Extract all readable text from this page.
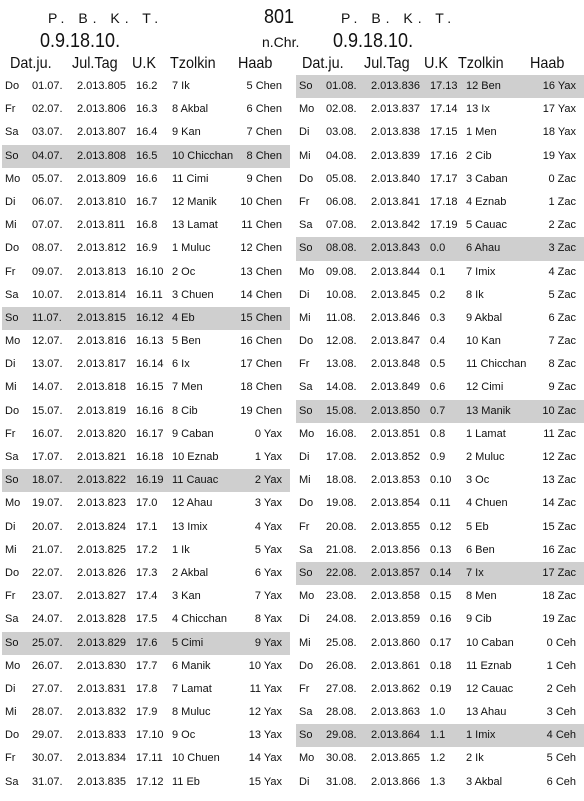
P. B. K. T.
0.9.18.10.
801
n.Chr.
P. B. K. T.
0.9.18.10.
Dat.ju. Jul.Tag U.K Tzolkin Haab Dat.ju. Jul.Tag U.K Tzolkin Haab
Do 01.07. 2.013.805 16.2 7 Ik	5 Chen
Fr 02.07. 2.013.806 16.3 8 Akbal	6 Chen
Sa 03.07. 2.013.807 16.4 9 Kan	7 Chen
So 04.07. 2.013.808 16.5 10 Chicchan 8 Chen
Mo 05.07. 2.013.809 16.6 11 Cimi	9 Chen
Di 06.07. 2.013.810 16.7 12 Manik 10 Chen
Mi 07.07. 2.013.811 16.8 13 Lamat 11 Chen
Do 08.07. 2.013.812 16.9 1 Muluc	12 Chen
Fr 09.07. 2.013.813 16.10 2 Oc	13 Chen
Sa 10.07. 2.013.814 16.11 3 Chuen 14 Chen
So 11.07. 2.013.815 16.12 4 Eb	15 Chen
Mo 12.07. 2.013.816 16.13 5 Ben	16 Chen
Di 13.07. 2.013.817 16.14 6 Ix	17 Chen
Mi 14.07. 2.013.818 16.15 7 Men	18 Chen
Do 15.07. 2.013.819 16.16 8 Cib	19 Chen
Fr 16.07. 2.013.820 16.17 9 Caban	0 Yax
Sa 17.07. 2.013.821 16.18 10 Eznab	1 Yax
So 18.07. 2.013.822 16.19 11 Cauac	2 Yax
Mo 19.07. 2.013.823 17.0 12 Ahau	3 Yax
Di 20.07. 2.013.824 17.1 13 Imix	4 Yax
Mi 21.07. 2.013.825 17.2 1 Ik	5 Yax
Do 22.07. 2.013.826 17.3 2 Akbal	6 Yax
Fr 23.07. 2.013.827 17.4 3 Kan	7 Yax
Sa 24.07. 2.013.828 17.5 4 Chicchan	8 Yax
So 25.07. 2.013.829 17.6 5 Cimi	9 Yax
Mo 26.07. 2.013.830 17.7 6 Manik	10 Yax
Di 27.07. 2.013.831 17.8 7 Lamat	11 Yax
Mi 28.07. 2.013.832 17.9 8 Muluc	12 Yax
Do 29.07. 2.013.833 17.10 9 Oc	13 Yax
Fr 30.07. 2.013.834 17.11 10 Chuen	14 Yax
Sa 31.07. 2.013.835 17.12 11 Eb	15 Yax
So 01.08. 2.013.836 17.13 12 Ben	16 Yax
Mo 02.08. 2.013.837 17.14 13 Ix	17 Yax
Di 03.08. 2.013.838 17.15 1 Men	18 Yax
Mi 04.08. 2.013.839 17.16 2 Cib	19 Yax
Do 05.08. 2.013.840 17.17 3 Caban	0 Zac
Fr 06.08. 2.013.841 17.18 4 Eznab	1 Zac
Sa 07.08. 2.013.842 17.19 5 Cauac	2 Zac
So 08.08. 2.013.843 0.0 6 Ahau	3 Zac
Mo 09.08. 2.013.844 0.1 7 Imix	4 Zac
Di 10.08. 2.013.845 0.2 8 Ik	5 Zac
Mi 11.08. 2.013.846 0.3 9 Akbal	6 Zac
Do 12.08. 2.013.847 0.4 10 Kan	7 Zac
Fr 13.08. 2.013.848 0.5 11 Chicchan 8 Zac
Sa 14.08. 2.013.849 0.6 12 Cimi	9 Zac
So 15.08. 2.013.850 0.7 13 Manik	10 Zac
Mo 16.08. 2.013.851 0.8 1 Lamat	11 Zac
Di 17.08. 2.013.852 0.9 2 Muluc	12 Zac
Mi 18.08. 2.013.853 0.10 3 Oc	13 Zac
Do 19.08. 2.013.854 0.11 4 Chuen	14 Zac
Fr 20.08. 2.013.855 0.12 5 Eb	15 Zac
Sa 21.08. 2.013.856 0.13 6 Ben	16 Zac
So 22.08. 2.013.857 0.14 7 Ix	17 Zac
Mo 23.08. 2.013.858 0.15 8 Men	18 Zac
Di 24.08. 2.013.859 0.16 9 Cib	19 Zac
Mi 25.08. 2.013.860 0.17 10 Caban	0 Ceh
Do 26.08. 2.013.861 0.18 11 Eznab	1 Ceh
Fr 27.08. 2.013.862 0.19 12 Cauac	2 Ceh
Sa 28.08. 2.013.863 1.0 13 Ahau	3 Ceh
So 29.08. 2.013.864 1.1 1 Imix	4 Ceh
Mo 30.08. 2.013.865 1.2 2 Ik	5 Ceh
Di 31.08. 2.013.866 1.3 3 Akbal	6 Ceh
